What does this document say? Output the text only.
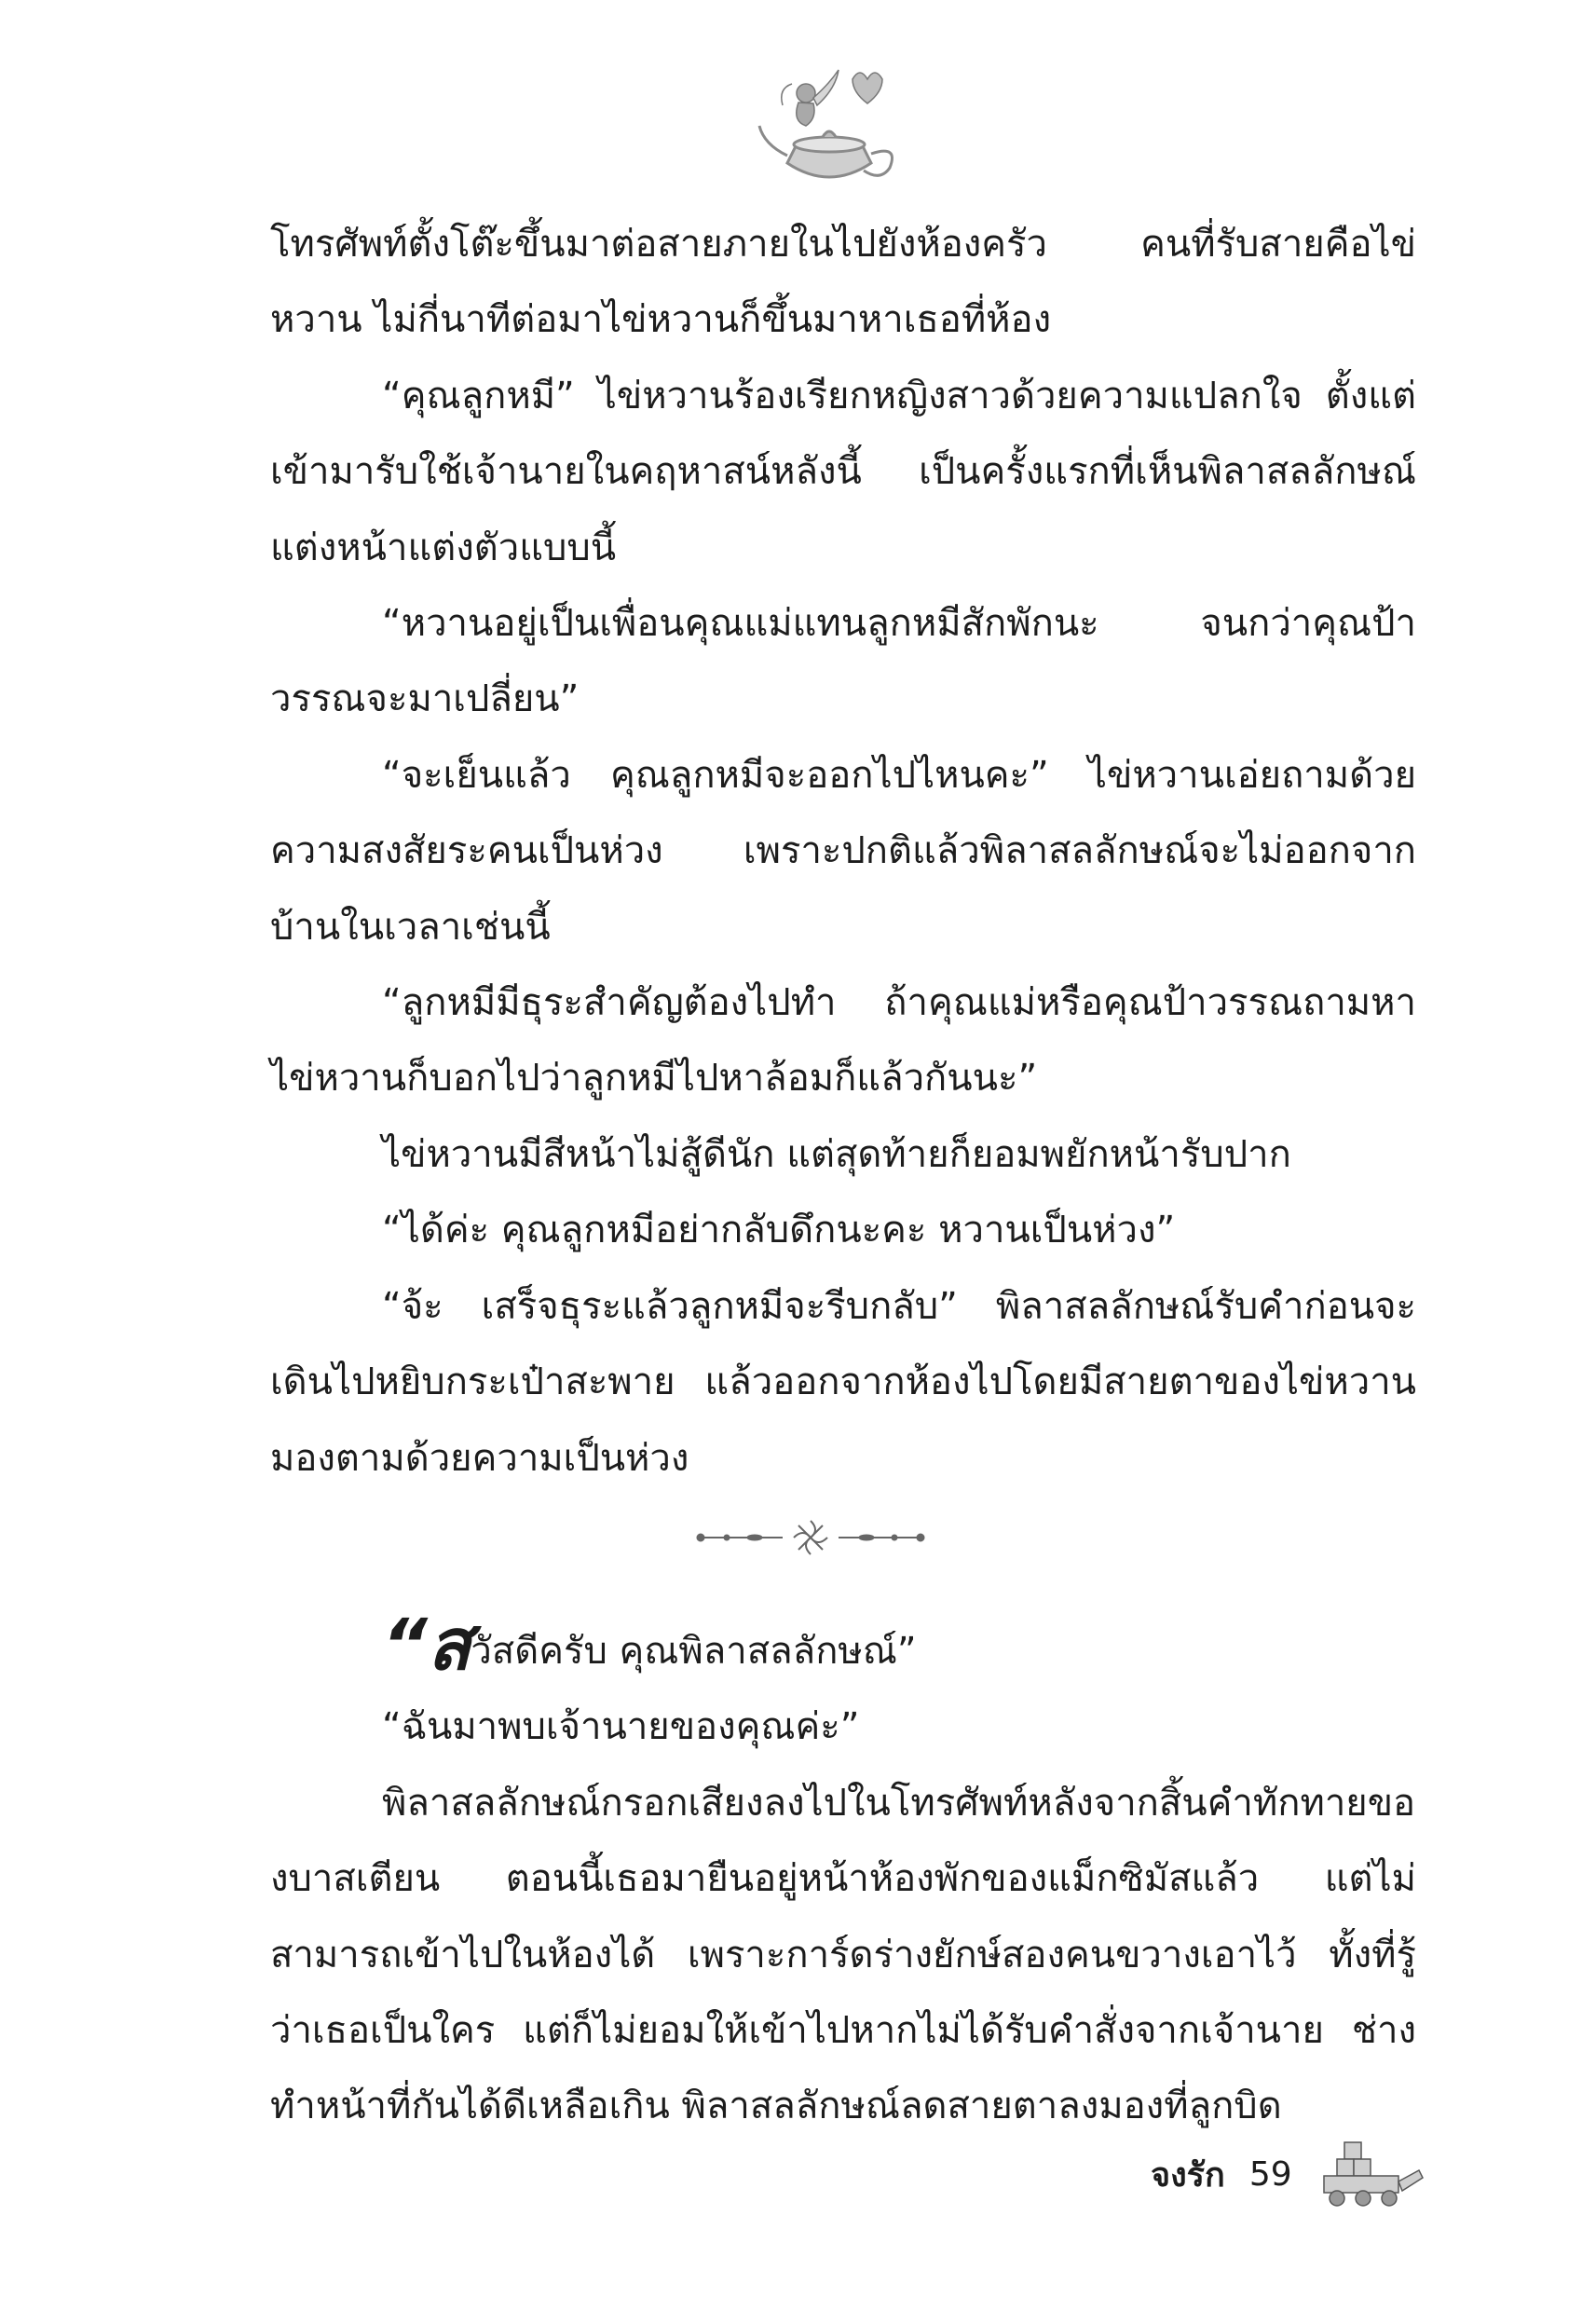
โทรศัพท์ตั้งโต๊ะขึ้นมาต่อสายภายในไปยังห้องครัว คนที่รับสายคือไข่หวาน ไม่กี่นาทีต่อมาไข่หวานก็ขึ้นมาหาเธอที่ห้อง

“คุณลูกหมี” ไข่หวานร้องเรียกหญิงสาวด้วยความแปลกใจ ตั้งแต่เข้ามารับใช้เจ้านายในคฤหาสน์หลังนี้ เป็นครั้งแรกที่เห็นพิลาสลลักษณ์แต่งหน้าแต่งตัวแบบนี้

“หวานอยู่เป็นเพื่อนคุณแม่แทนลูกหมีสักพักนะ จนกว่าคุณป้าวรรณจะมาเปลี่ยน”

“จะเย็นแล้ว คุณลูกหมีจะออกไปไหนคะ” ไข่หวานเอ่ยถามด้วยความสงสัยระคนเป็นห่วง เพราะปกติแล้วพิลาสลลักษณ์จะไม่ออกจากบ้านในเวลาเช่นนี้

“ลูกหมีมีธุระสำคัญต้องไปทำ ถ้าคุณแม่หรือคุณป้าวรรณถามหาไข่หวานก็บอกไปว่าลูกหมีไปหาล้อมก็แล้วกันนะ”

ไข่หวานมีสีหน้าไม่สู้ดีนัก แต่สุดท้ายก็ยอมพยักหน้ารับปาก

“ได้ค่ะ คุณลูกหมีอย่ากลับดึกนะคะ หวานเป็นห่วง”

“จ้ะ เสร็จธุระแล้วลูกหมีจะรีบกลับ” พิลาสลลักษณ์รับคำก่อนจะเดินไปหยิบกระเป๋าสะพาย แล้วออกจากห้องไปโดยมีสายตาของไข่หวานมองตามด้วยความเป็นห่วง

“สวัสดีครับ คุณพิลาสลลักษณ์”

“ฉันมาพบเจ้านายของคุณค่ะ”

พิลาสลลักษณ์กรอกเสียงลงไปในโทรศัพท์หลังจากสิ้นคำทักทายของบาสเตียน ตอนนี้เธอมายืนอยู่หน้าห้องพักของแม็กซิมัสแล้ว แต่ไม่สามารถเข้าไปในห้องได้ เพราะการ์ดร่างยักษ์สองคนขวางเอาไว้ ทั้งที่รู้ว่าเธอเป็นใคร แต่ก็ไม่ยอมให้เข้าไปหากไม่ได้รับคำสั่งจากเจ้านาย ช่างทำหน้าที่กันได้ดีเหลือเกิน พิลาสลลักษณ์ลดสายตาลงมองที่ลูกบิด

จงรัก 59
